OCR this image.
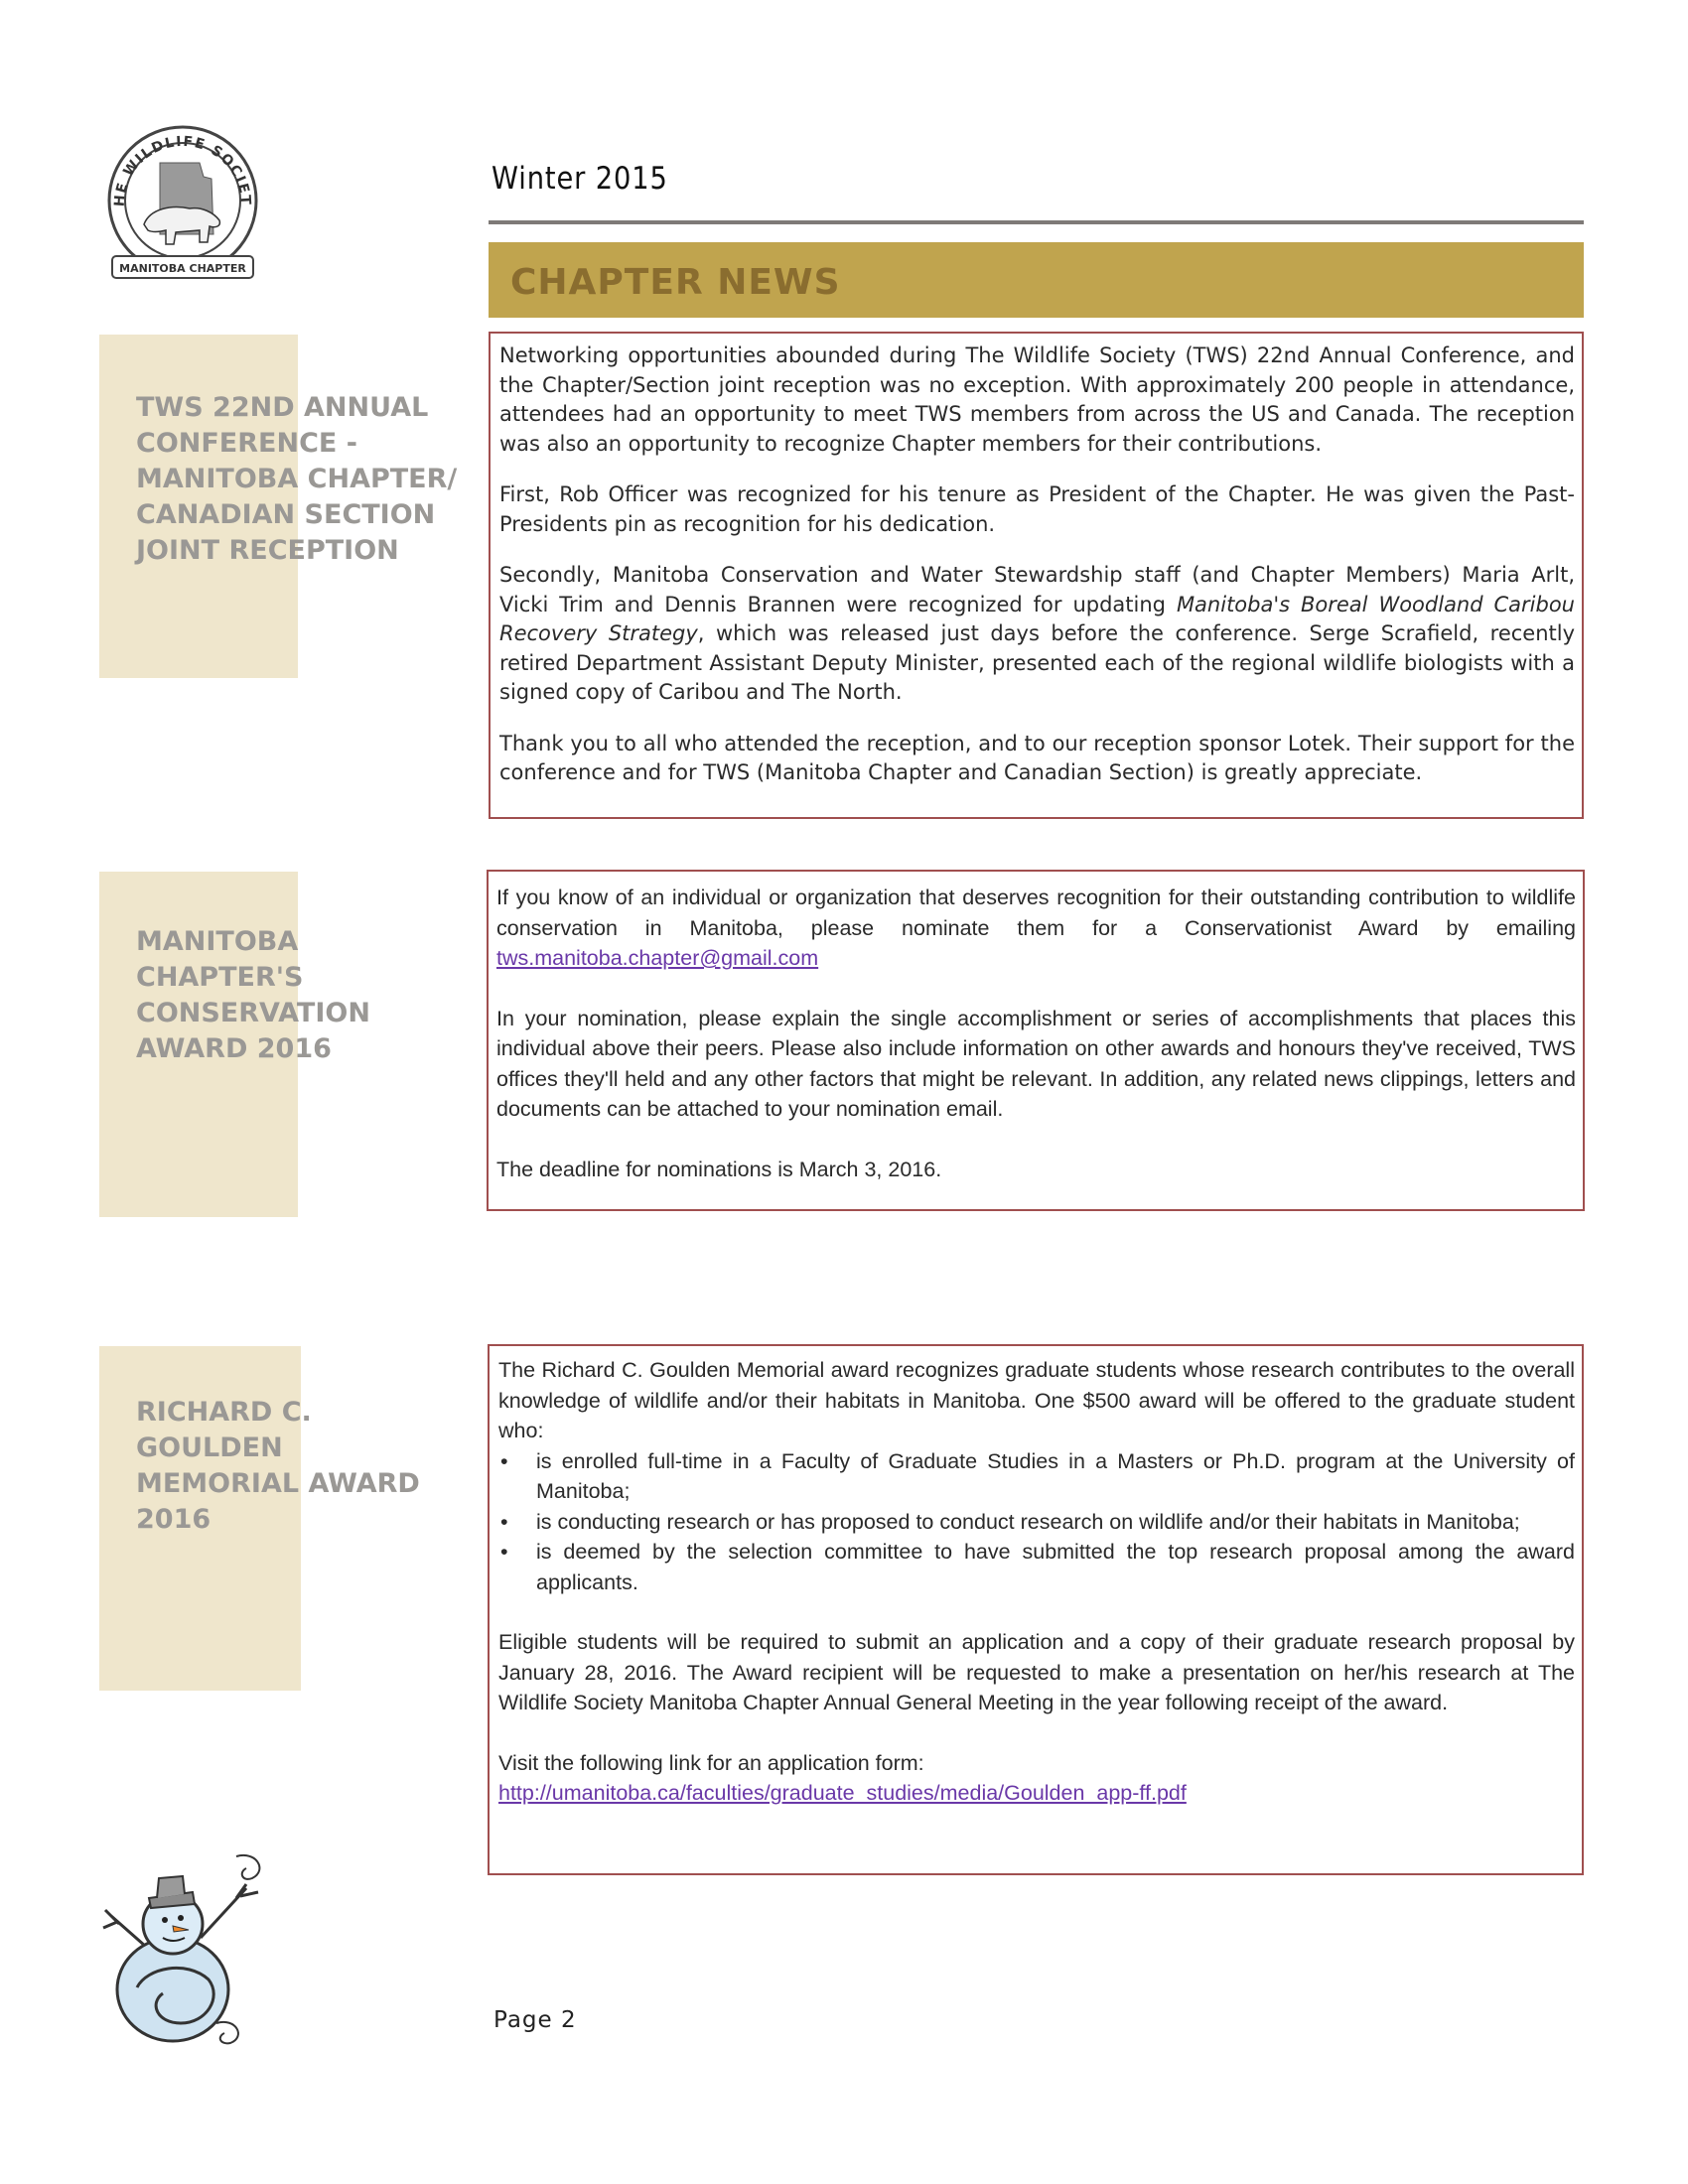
HE WILDLIFE SOCIET
MANITOBA CHAPTER
Winter 2015
CHAPTER NEWS
TWS 22ND ANNUAL CONFERENCE - MANITOBA CHAPTER/ CANADIAN SECTION JOINT RECEPTION

Networking opportunities abounded during The Wildlife Society (TWS) 22nd Annual Conference, and the Chapter/Section joint reception was no exception. With approximately 200 people in attendance, attendees had an opportunity to meet TWS members from across the US and Canada. The reception was also an opportunity to recognize Chapter members for their contributions.

First, Rob Officer was recognized for his tenure as President of the Chapter. He was given the Past-Presidents pin as recognition for his dedication.

Secondly, Manitoba Conservation and Water Stewardship staff (and Chapter Members) Maria Arlt, Vicki Trim and Dennis Brannen were recognized for updating Manitoba's Boreal Woodland Caribou Recovery Strategy, which was released just days before the conference. Serge Scrafield, recently retired Department Assistant Deputy Minister, presented each of the regional wildlife biologists with a signed copy of Caribou and The North.

Thank you to all who attended the reception, and to our reception sponsor Lotek. Their support for the conference and for TWS (Manitoba Chapter and Canadian Section) is greatly appreciate.

MANITOBA CHAPTER'S CONSERVATION AWARD 2016

If you know of an individual or organization that deserves recognition for their outstanding contribution to wildlife conservation in Manitoba, please nominate them for a Conservationist Award by emailing tws.manitoba.chapter@gmail.com

In your nomination, please explain the single accomplishment or series of accomplishments that places this individual above their peers. Please also include information on other awards and honours they've received, TWS offices they'll held and any other factors that might be relevant. In addition, any related news clippings, letters and documents can be attached to your nomination email.

The deadline for nominations is March 3, 2016.

RICHARD C. GOULDEN MEMORIAL AWARD 2016

The Richard C. Goulden Memorial award recognizes graduate students whose research contributes to the overall knowledge of wildlife and/or their habitats in Manitoba. One $500 award will be offered to the graduate student who:

• is enrolled full-time in a Faculty of Graduate Studies in a Masters or Ph.D. program at the University of Manitoba;
• is conducting research or has proposed to conduct research on wildlife and/or their habitats in Manitoba;
• is deemed by the selection committee to have submitted the top research proposal among the award applicants.

Eligible students will be required to submit an application and a copy of their graduate research proposal by January 28, 2016. The Award recipient will be requested to make a presentation on her/his research at The Wildlife Society Manitoba Chapter Annual General Meeting in the year following receipt of the award.

Visit the following link for an application form:

http://umanitoba.ca/faculties/graduate_studies/media/Goulden_app-ff.pdf
Page 2
